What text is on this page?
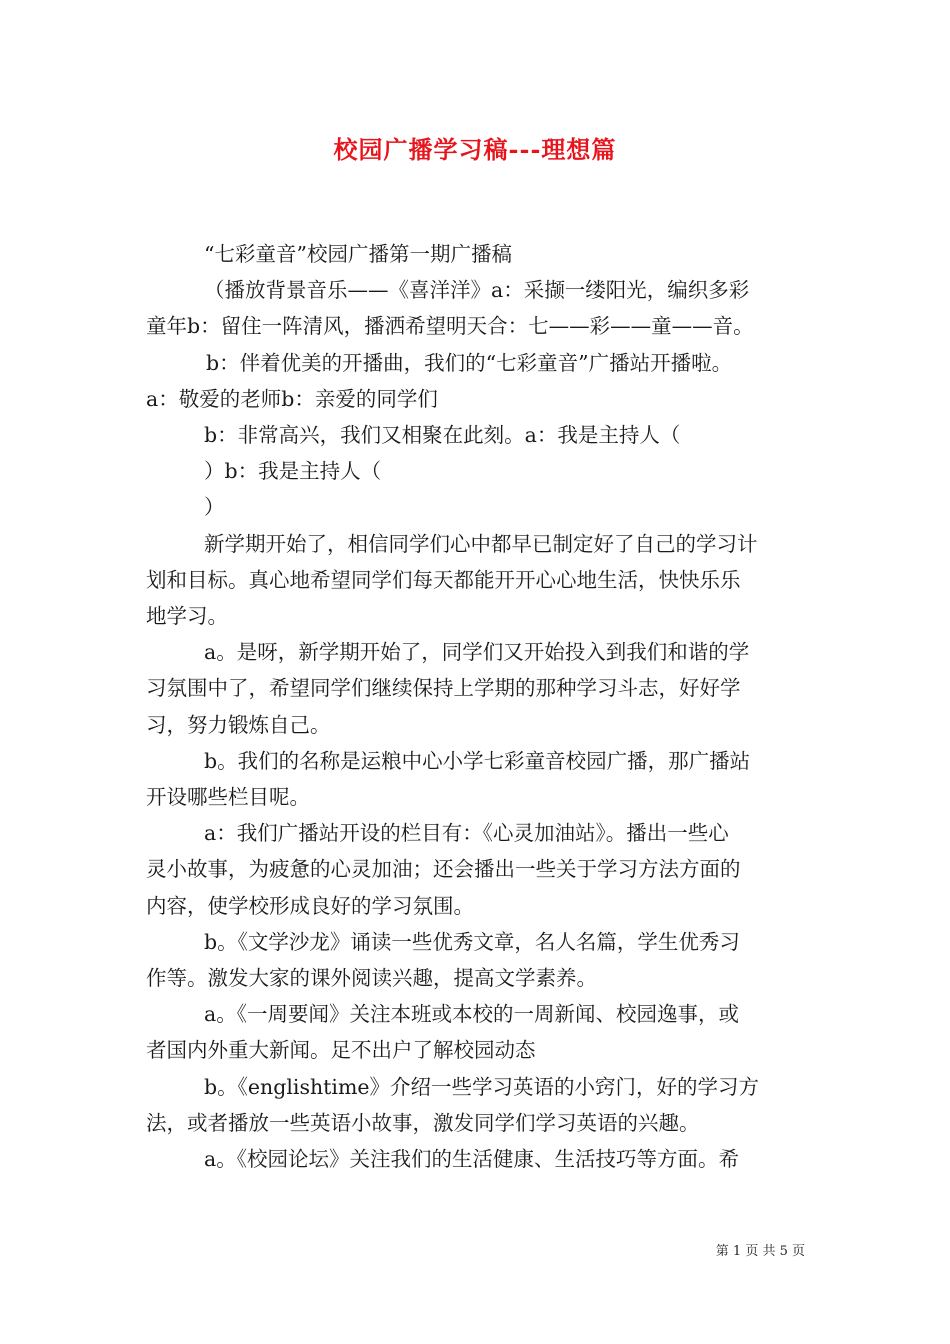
校园广播学习稿---理想篇

“七彩童音”校园广播第一期广播稿

（播放背景音乐——《喜洋洋》a：采撷一缕阳光，编织多彩

童年b：留住一阵清风，播洒希望明天合：七——彩——童——音。

b：伴着优美的开播曲，我们的“七彩童音”广播站开播啦。

a：敬爱的老师b：亲爱的同学们

b：非常高兴，我们又相聚在此刻。a：我是主持人（

）b：我是主持人（

）

新学期开始了，相信同学们心中都早已制定好了自己的学习计

划和目标。真心地希望同学们每天都能开开心心地生活，快快乐乐

地学习。

a。是呀，新学期开始了，同学们又开始投入到我们和谐的学

习氛围中了，希望同学们继续保持上学期的那种学习斗志，好好学

习，努力锻炼自己。

b。我们的名称是运粮中心小学七彩童音校园广播，那广播站

开设哪些栏目呢。

a：我们广播站开设的栏目有：《心灵加油站》。播出一些心

灵小故事，为疲惫的心灵加油；还会播出一些关于学习方法方面的

内容，使学校形成良好的学习氛围。

b。《文学沙龙》诵读一些优秀文章，名人名篇，学生优秀习

作等。激发大家的课外阅读兴趣，提高文学素养。

a。《一周要闻》关注本班或本校的一周新闻、校园逸事，或

者国内外重大新闻。足不出户了解校园动态

b。《englishtime》介绍一些学习英语的小窍门，好的学习方

法，或者播放一些英语小故事，激发同学们学习英语的兴趣。

a。《校园论坛》关注我们的生活健康、生活技巧等方面。希

第 1 页 共 5 页
